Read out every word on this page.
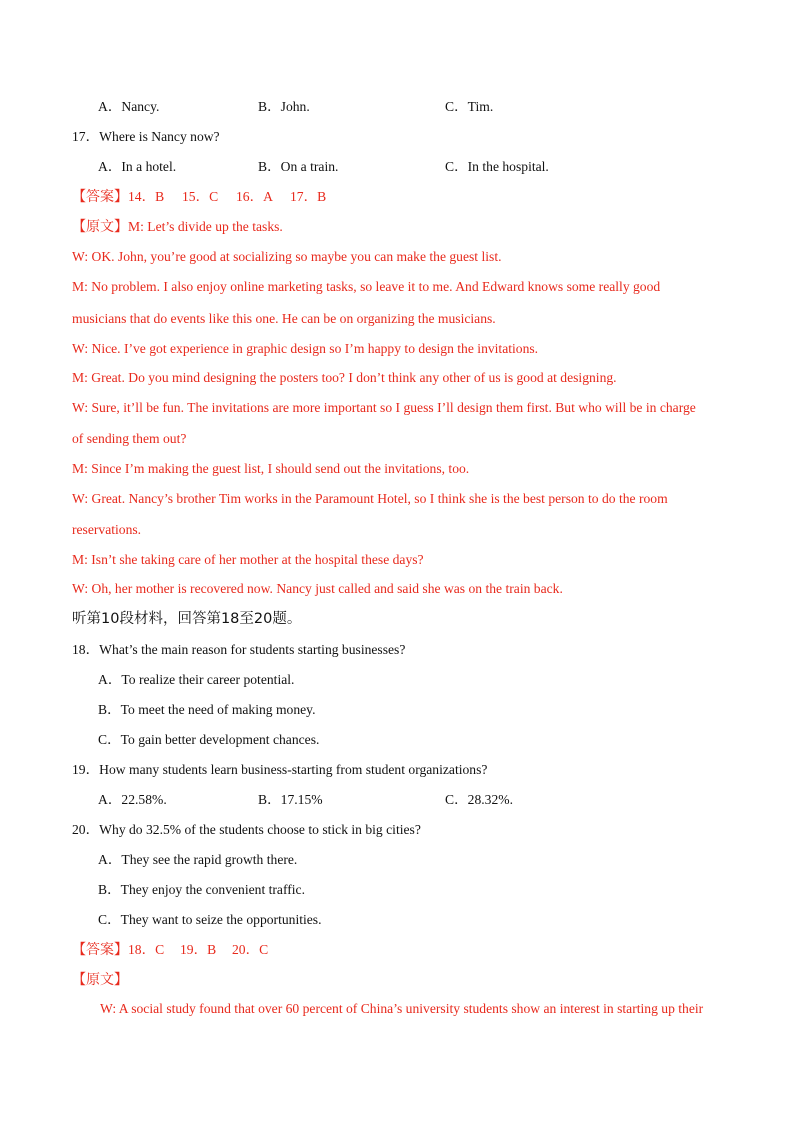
A．Nancy.	B．John.	C．Tim.
17．Where is Nancy now?
A．In a hotel.	B．On a train.	C．In the hospital.
【答案】14．B 15．C 16．A 17．B
【原文】M: Let’s divide up the tasks.
W: OK. John, you’re good at socializing so maybe you can make the guest list.
M: No problem. I also enjoy online marketing tasks, so leave it to me. And Edward knows some really good
musicians that do events like this one. He can be on organizing the musicians.
W: Nice. I’ve got experience in graphic design so I’m happy to design the invitations.
M: Great. Do you mind designing the posters too? I don’t think any other of us is good at designing.
W: Sure, it’ll be fun. The invitations are more important so I guess I’ll design them first. But who will be in charge
of sending them out?
M: Since I’m making the guest list, I should send out the invitations, too.
W: Great. Nancy’s brother Tim works in the Paramount Hotel, so I think she is the best person to do the room
reservations.
M: Isn’t she taking care of her mother at the hospital these days?
W: Oh, her mother is recovered now. Nancy just called and said she was on the train back.
听第10段材料，回答第18至20题。
18．What’s the main reason for students starting businesses?
A．To realize their career potential.
B．To meet the need of making money.
C．To gain better development chances.
19．How many students learn business-starting from student organizations?
A．22.58%.	B．17.15%	C．28.32%.
20．Why do 32.5% of the students choose to stick in big cities?
A．They see the rapid growth there.
B．They enjoy the convenient traffic.
C．They want to seize the opportunities.
【答案】18．C 19．B 20．C
【原文】
W: A social study found that over 60 percent of China’s university students show an interest in starting up their
